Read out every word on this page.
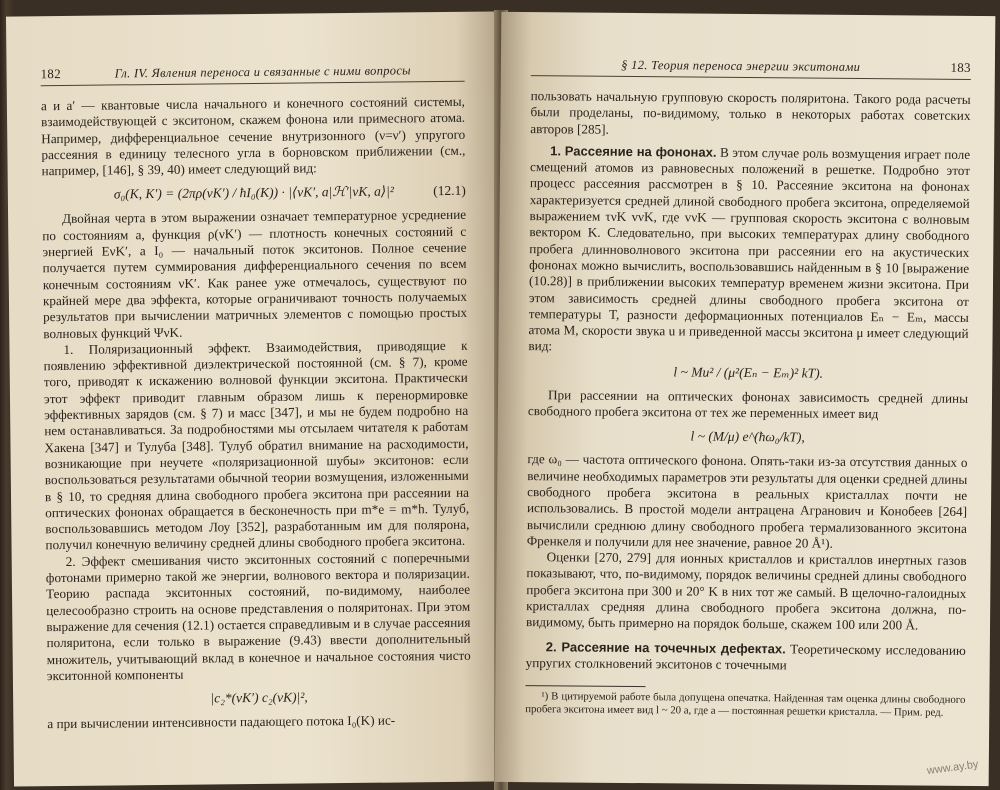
182	Гл. IV. Явления переноса и связанные с ними вопросы

a и a′ — квантовые числа начального и конечного состояний системы, взаимодействующей с экситоном, скажем фонона или примесного атома. Например, дифференциальное сечение внутризонного (ν=ν′) упругого рассеяния в единицу телесного угла в борновском приближении (см., например, [146], § 39, 40) имеет следующий вид:

σ₀(K, K′) = (2πρ(νK′) / ħI₀(K)) · |⟨νK′, a|ℋ′|νK, a⟩|²	(12.1)

Двойная черта в этом выражении означает температурное усреднение по состояниям a, функция ρ(νK′) — плотность конечных состояний с энергией EνK′, а I₀ — начальный поток экситонов. Полное сечение получается путем суммирования дифференциального сечения по всем конечным состояниям νK′. Как ранее уже отмечалось, существуют по крайней мере два эффекта, которые ограничивают точность получаемых результатов при вычислении матричных элементов с помощью простых волновых функций ΨνK.

1. Поляризационный эффект. Взаимодействия, приводящие к появлению эффективной диэлектрической постоянной (см. § 7), кроме того, приводят к искажению волновой функции экситона. Практически этот эффект приводит главным образом лишь к перенормировке эффективных зарядов (см. § 7) и масс [347], и мы не будем подробно на нем останавливаться. За подробностями мы отсылаем читателя к работам Хакена [347] и Тулуба [348]. Тулуб обратил внимание на расходимости, возникающие при неучете «поляризационной шубы» экситонов: если воспользоваться результатами обычной теории возмущения, изложенными в § 10, то средняя длина свободного пробега экситона при рассеянии на оптических фононах обращается в бесконечность при m*e = m*h. Тулуб, воспользовавшись методом Лоу [352], разработанным им для полярона, получил конечную величину средней длины свободного пробега экситона.

2. Эффект смешивания чисто экситонных состояний с поперечными фотонами примерно такой же энергии, волнового вектора и поляризации. Теорию распада экситонных состояний, по-видимому, наиболее целесообразно строить на основе представления о поляритонах. При этом выражение для сечения (12.1) остается справедливым и в случае рассеяния поляритона, если только в выражение (9.43) ввести дополнительный множитель, учитывающий вклад в конечное и начальное состояния чисто экситонной компоненты

|c₂*(νK′) c₂(νK)|²,

а при вычислении интенсивности падающего потока I₀(K) ис-

§ 12. Теория переноса энергии экситонами	183

пользовать начальную групповую скорость поляритона. Такого рода расчеты были проделаны, по-видимому, только в некоторых работах советских авторов [285].

1. Рассеяние на фононах. В этом случае роль возмущения играет поле смещений атомов из равновесных положений в решетке. Подробно этот процесс рассеяния рассмотрен в § 10. Рассеяние экситона на фононах характеризуется средней длиной свободного пробега экситона, определяемой выражением τνK vνK, где vνK — групповая скорость экситона с волновым вектором K. Следовательно, при высоких температурах длину свободного пробега длинноволнового экситона при рассеянии его на акустических фононах можно вычислить, воспользовавшись найденным в § 10 [выражение (10.28)] в приближении высоких температур временем жизни экситона. При этом зависимость средней длины свободного пробега экситона от температуры T, разности деформационных потенциалов Eₙ − Eₘ, массы атома M, скорости звука u и приведенной массы экситона μ имеет следующий вид:

l ~ Mu² / (μ²(Eₙ − Eₘ)² kT).

При рассеянии на оптических фононах зависимость средней длины свободного пробега экситона от тех же переменных имеет вид

l ~ (M/μ) e^(ħω₀/kT),

где ω₀ — частота оптического фонона. Опять-таки из-за отсутствия данных о величине необходимых параметров эти результаты для оценки средней длины свободного пробега экситона в реальных кристаллах почти не использовались. В простой модели антрацена Агранович и Конобеев [264] вычислили среднюю длину свободного пробега термализованного экситона Френкеля и получили для нее значение, равное 20 Å¹).

Оценки [270, 279] для ионных кристаллов и кристаллов инертных газов показывают, что, по-видимому, порядок величины средней длины свободного пробега экситона при 300 и 20° K в них тот же самый. В щелочно-галоидных кристаллах средняя длина свободного пробега экситона должна, по-видимому, быть примерно на порядок больше, скажем 100 или 200 Å.

2. Рассеяние на точечных дефектах. Теоретическому исследованию упругих столкновений экситонов с точечными

¹) В цитируемой работе была допущена опечатка. Найденная там оценка длины свободного пробега экситона имеет вид l ~ 20 a, где a — постоянная решетки кристалла. — Прим. ред.

www.ay.by
